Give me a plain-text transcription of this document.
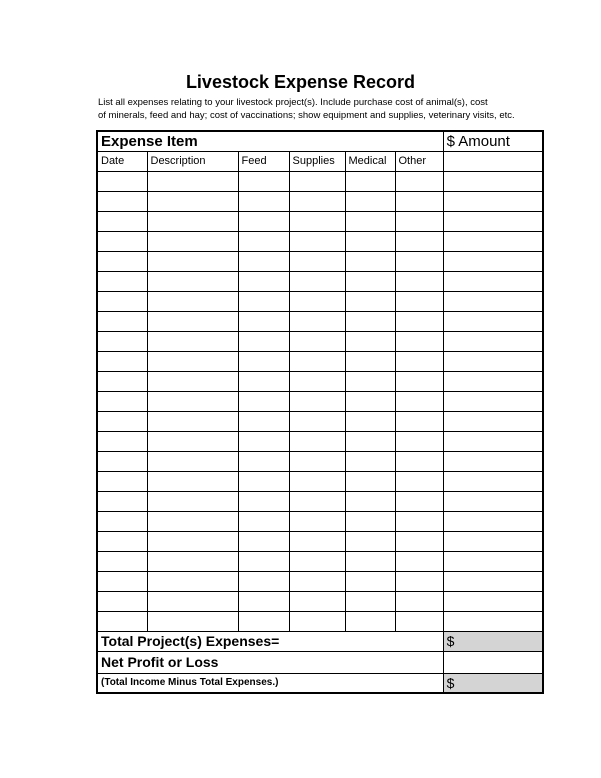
Livestock Expense Record
List all expenses relating to your livestock project(s). Include purchase cost of animal(s), cost
of minerals, feed and hay; cost of vaccinations; show equipment and supplies, veterinary visits, etc.
Expense Item						$ Amount
Date	Description	Feed	Supplies	Medical	Other	

Total Project(s) Expenses=						$
Net Profit or Loss						
(Total Income Minus Total Expenses.)						$
